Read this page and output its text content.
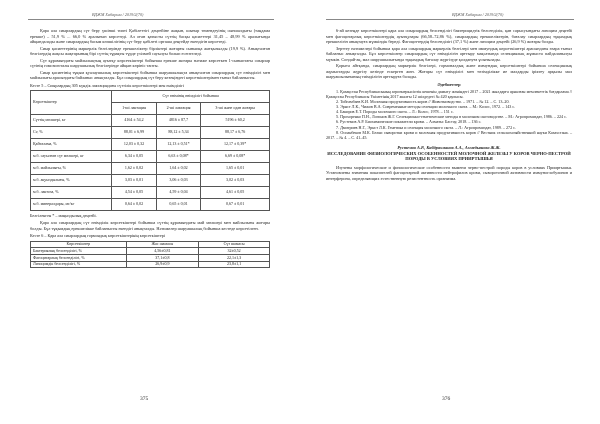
ВДЖМ Хабарши / 2019/2(70)

Қара ала сиырлардың сүт беру үшінші типті Қабілеттігі деңгейіне жақын, шығыр төмендеуінің сыншалдығы (таңдама ерекше) – 51,9 % ... 66,0 % аралығын көрсетеді. Ал оған қатысты сүттің басқы қасиеттері 31,45 – 48,99 % аралығында айқындалады және сиырлардың басым көпшілігінің сүт беру қабілеті орташа деңгейде екендігін көрсетеді.

Сиыр қасиеттерінің маркерлік белгілерінде ерекшеліктер бірліктері жоғарғы сыныпқа жатқызылды (19,9 %). Анықталған белгілердің жақсы жақтарының бірі сүттің тұрақты түрде үзілмей сауылуы болып есептеледі.

Сүт құрамындағы майлылықтың ауытқу көрсеткіштері бойынша ерекше жоғары нәтиже көрсеткен 1-сыныптағы сиырлар сүтінің гомозиготалы шаруашылық белгілерінде айқын көрініс тапты.

Сиыр қасиетінің тұқым қуалаушылық көрсеткіштері бойынша шаруашылықта анықталған сиырлардың сүт өнімділігі мен майлылығы арасындағы байланыс анықталды. Бұл сиырлардың сүт беру кезеңіндегі көрсеткіштерімен тығыз байланысты.

Кесте 5 – Сиырлардың 305 күндік лактациядағы сүттілік көрсеткіштері мен өнімділігі
Көрсеткіштер	Сүт өнімінің өнімділігі бойынша		
	1-ші лактация	2-ші лактация	3-ші және одан жоғары
Сүттің мөлшері, кг	4164 ± 54,2	4816 ± 87,7	5196 ± 60,2
Сv, %	88,01 ± 6,99	88,12 ± 5,34	88,17 ± 6,76
Қайталама, %	12,03 ± 0,32	12,13 ± 0,51*	12,17 ± 0,39*
м.б. сауылған сүт мөлшері, кг	6,34 ± 0,05	6,63 ± 0,08*	6,69 ± 0,08*
м.б. майлылығы, %	1,62 ± 0,02	1,64 ± 0,02	1,65 ± 0,01
м.б. ақуыздылығы, %	3,03 ± 0,01	3,06 ± 0,03	3,02 ± 0,03
м.б. лактоза, %	4,54 ± 0,05	4,59 ± 0,04	4,61 ± 0,05
м.б. минералдары, мг/кг	0,64 ± 0,02	0,65 ± 0,01	0,67 ± 0,01
Белгіленген * – маңыздылық деңгейі.

Қара ала сиырлардың сүт өнімділік көрсеткіштері бойынша сүттің құрамындағы май мөлшері мен майлылығы жоғары болды. Бұл тұқымдық ерекшелікке байланысты екендігі анықталды. Нәтижелер шаруашылық бойынша кестеде көрсетілген.

Кесте 6 – Қара ала сиырлардың гормондық көрсеткіштерінің көрсеткіштері
Көрсеткіштер	Жас шамасы	Сүт шамасы
Бактериялық белсенділігі, %	4,56±0,81	32±0,52
Фагоцитарлық белсенділігі, %	37,1±0,8	22,1±1,3
Лизоцимдік белсенділігі, %	26,9±0,9	23,8±1,1
375
ВДЖМ Хабарши / 2019/2(70)

6-ай кезеңде көрсеткіштері қара ала сиырлардың белсенділігі бактерицидтік белсенділік, қан сарысуындағы лизоцим деңгейі мен фагоцитарлық көрсеткіштердің ауытқулары (66,58–72,86 %), сиырлардың ерекшеліктерін, бағалау сиырлардың тұқымдық ерекшелігін анықтауға мүмкіндік береді. Фагоциттердің белсенділігі (37,1 %) және лизоцим деңгейі (26,9 %) жоғары болды.

Зерттеу нәтижелері бойынша қара ала сиырлардың маркерлік белгілері мен иммундық көрсеткіштері арасындағы өзара тығыз байланыс анықталды. Бұл көрсеткіштер сиырлардың сүт өнімділігін арттыру мақсатында селекциялық жұмыста пайдаланылуы мүмкін. Сондай-ақ, мал шаруашылығында тұқымдық бағалау жүргізуде қолдануға ұсынылады.

Қорыта айтқанда, сиырлардың маркерлік белгілері, гормоналдық және иммундық көрсеткіштері бойынша селекциялық жұмыстарды жүргізу кезінде ескерген жөн. Жоғары сүт өнімділігі мен төзімділікке ие малдарды іріктеу арқылы мал шаруашылығының тиімділігін арттыруға болады.

Әдебиеттер

1. Қазақстан Республикасының агроөнеркәсіптік кешенін дамыту жөніндегі 2017 – 2021 жылдарға арналған мемлекеттік бағдарлама // Қазақстан Республикасы Үкіметінің 2017 жылғы 12 шілдедегі № 420 қаулысы.

2. Тойгамбаев К.И. Молочная продуктивность коров // Животноводство. – 1971. – № 12. – С. 13–20.

3. Эрнст Л.К., Чижов В.А. Современные методы селекции молочного скота. – М.: Колос, 1972. – 143 с.

4. Бакиров Е.Т. Породы молочного скота. – Л.: Колос, 1978. – 151 с.

5. Прохоренко П.Н., Логинов Ж.Г. Селекционно-генетические методы в молочном скотоводстве. – М.: Агропромиздат, 1986. – 224 с.

6. Рустемов А.Р. Биохимические показатели крови. – Алматы: Бастау, 2018. – 136 с.

7. Дмитриев Н.Г., Эрнст Л.К. Генетика и селекция молочного скота. – Л.: Агропромиздат, 1989. – 272 с.

8. Оспанбеков М.К. Белки сыворотки крови и молочная продуктивность коров // Вестник сельскохозяйственной науки Казахстана. – 2017. – № 4. – С. 41–45.

Рустемов А.Р., Кабдрахманов А.А., Ахмедьянова Ж.Ж.
ИССЛЕДОВАНИЕ ФИЗИОЛОГИЧЕСКИХ ОСОБЕННОСТЕЙ МОЛОЧНОЙ ЖЕЛЕЗЫ У КОРОВ ЧЕРНО-ПЕСТРОЙ ПОРОДЫ В УСЛОВИЯХ ПРИИРТЫШЬЯ

Изучены морфологические и физиологические особенности вымени черно-пестрой породы коров в условиях Прииртышья. Установлены значения показателей фагоцитарной активности нейтрофилов крови, сывороточной активности иммуноглобулинов и интерферона, определяющих естественную резистентность организма.

376
